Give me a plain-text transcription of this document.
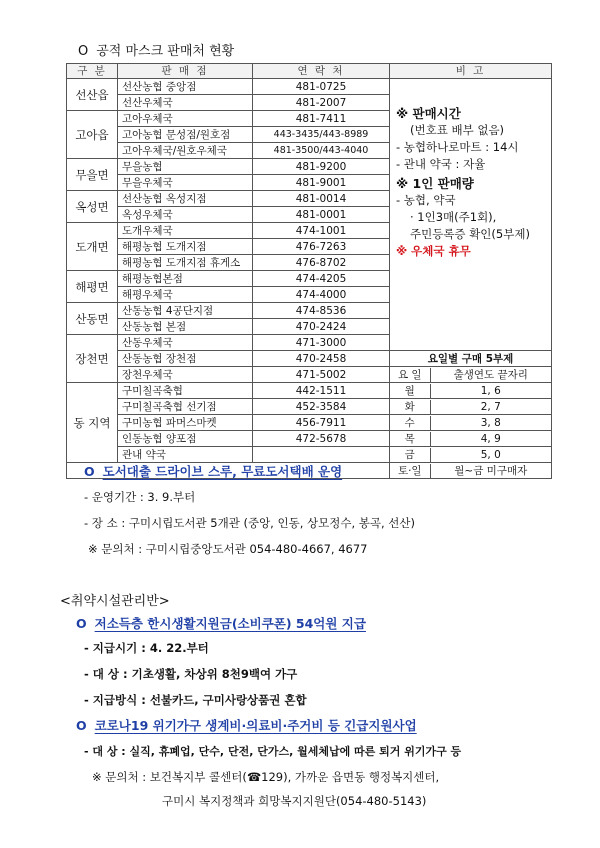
O 공적 마스크 판매처 현황
구 분	판 매 점	연 락 처	비 고
선산읍	선산농협 중앙점	481-0725	
※ 판매시간
(번호표 배부 없음)
- 농협하나로마트 : 14시
- 관내 약국 : 자율
※ 1인 판매량
- 농협, 약국
· 1인3매(주1회),
주민등록증 확인(5부제)
※ 우체국 휴무

선산우체국	481-2007
고아읍	고아우체국	481-7411
고아농협 문성점/원호점	443-3435/443-8989
고아우체국/원호우체국	481-3500/443-4040
무을면	무을농협	481-9200
무을우체국	481-9001
옥성면	선산농협 옥성지점	481-0014
옥성우체국	481-0001
도개면	도개우체국	474-1001
해평농협 도개지점	476-7263
해평농협 도개지점 휴게소	476-8702
해평면	해평농협본점	474-4205
해평우체국	474-4000
산동면	산동농협 4공단지점	474-8536
산동농협 본점	470-2424
장천면	산동우체국	471-3000
산동농협 장천점	470-2458	요일별 구매 5부제
장천우체국	471-5002		요 일	출생연도 끝자리

동 지역	구미칠곡축협	442-1511		월	1, 6

구미칠곡축협 선기점	452-3584		화	2, 7

구미농협 파머스마켓	456-7911		수	3, 8

인동농협 양포점	472-5678		목	4, 9

관내 약국			금	5, 0

토·일	월~금 미구매자
O 도서대출 드라이브 스루, 무료도서택배 운영
- 운영기간 : 3. 9.부터
- 장 소 : 구미시립도서관 5개관 (중앙, 인동, 상모정수, 봉곡, 선산)
※ 문의처 : 구미시립중앙도서관 054-480-4667, 4677
<취약시설관리반>
O 저소득층 한시생활지원금(소비쿠폰) 54억원 지급
- 지급시기 : 4. 22.부터
- 대 상 : 기초생활, 차상위 8천9백여 가구
- 지급방식 : 선불카드, 구미사랑상품권 혼합
O 코로나19 위기가구 생계비·의료비·주거비 등 긴급지원사업
- 대 상 : 실직, 휴폐업, 단수, 단전, 단가스, 월세체납에 따른 퇴거 위기가구 등
※ 문의처 : 보건복지부 콜센터(☎129), 가까운 읍면동 행정복지센터,
구미시 복지정책과 희망복지지원단(054-480-5143)
